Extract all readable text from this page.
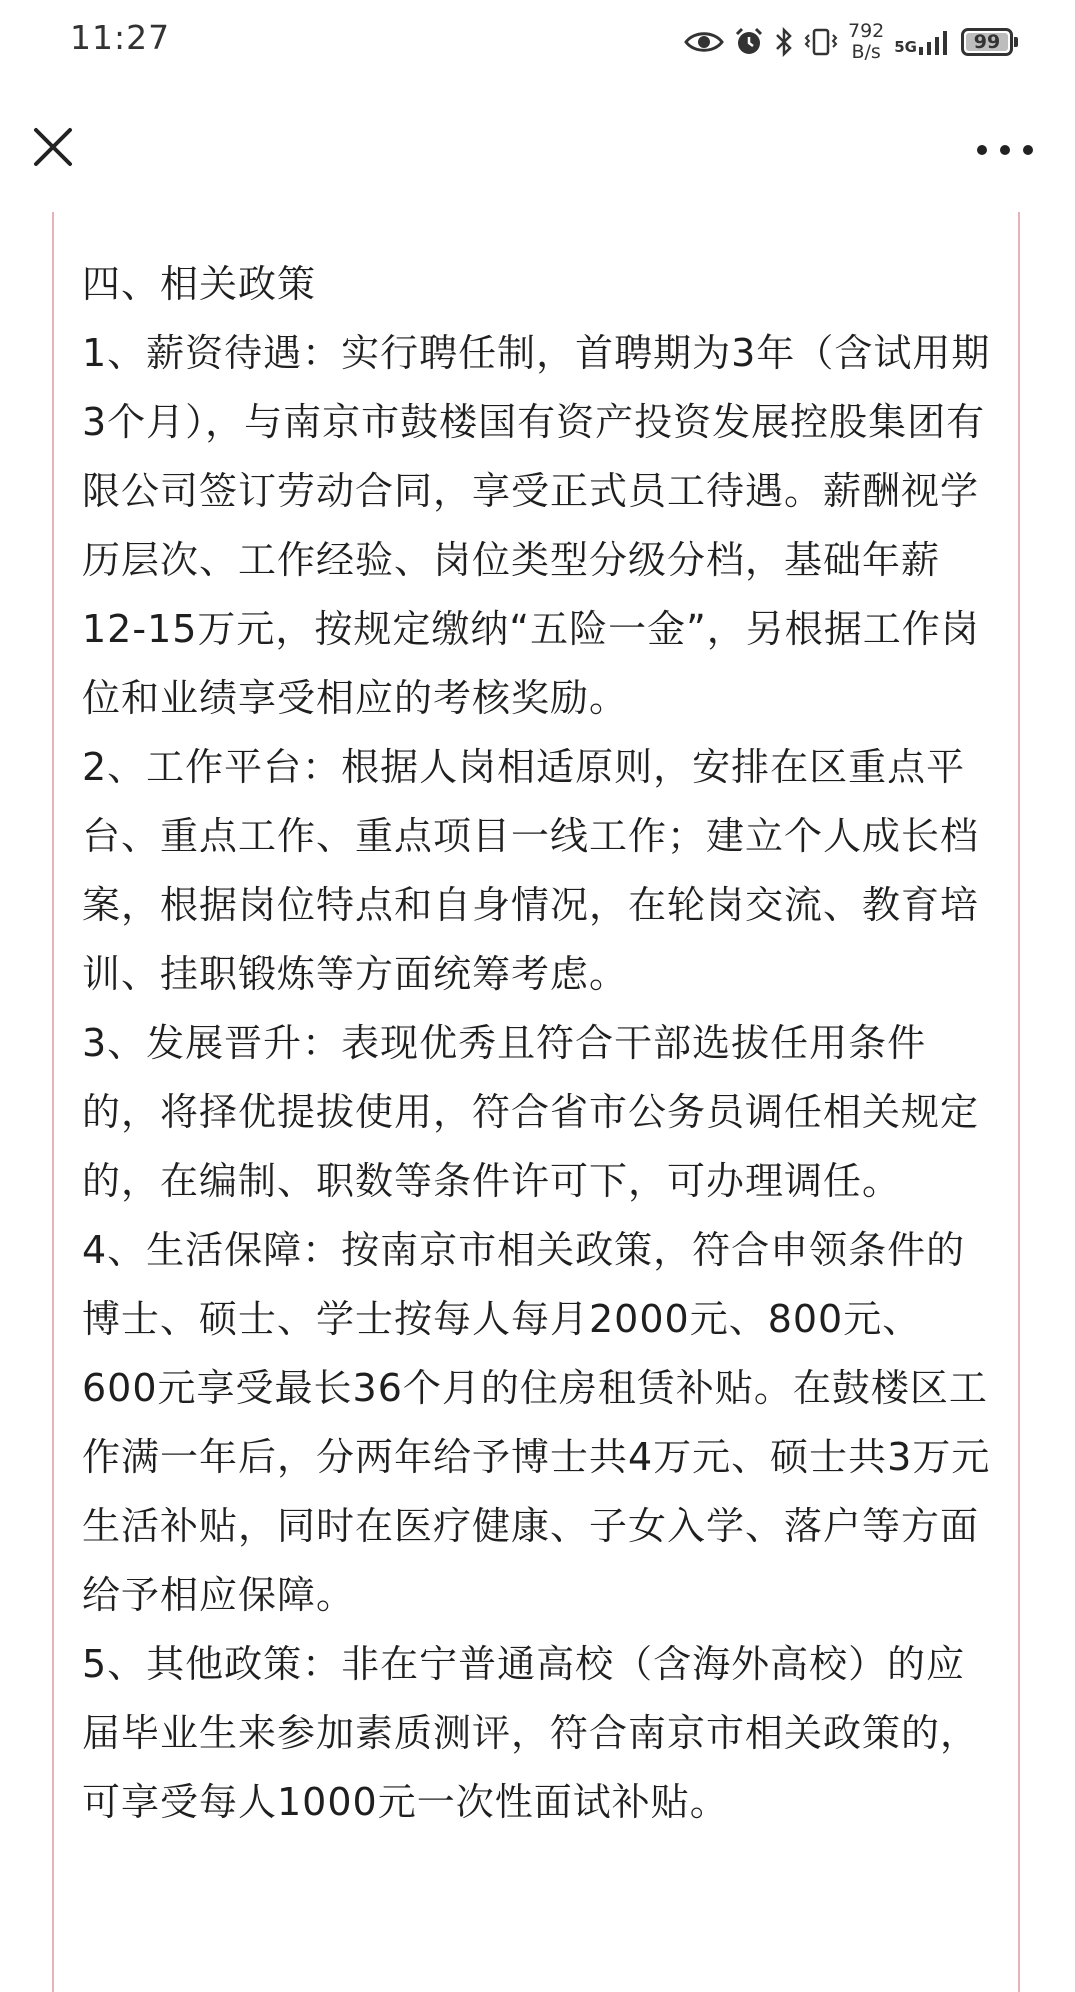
11:27	792
B/s 5G	99

四、相关政策

1、薪资待遇：实行聘任制，首聘期为3年（含试用期3个月），与南京市鼓楼国有资产投资发展控股集团有限公司签订劳动合同，享受正式员工待遇。薪酬视学历层次、工作经验、岗位类型分级分档，基础年薪12-15万元，按规定缴纳“五险一金”，另根据工作岗位和业绩享受相应的考核奖励。

2、工作平台：根据人岗相适原则，安排在区重点平台、重点工作、重点项目一线工作；建立个人成长档案，根据岗位特点和自身情况，在轮岗交流、教育培训、挂职锻炼等方面统筹考虑。

3、发展晋升：表现优秀且符合干部选拔任用条件的，将择优提拔使用，符合省市公务员调任相关规定的，在编制、职数等条件许可下，可办理调任。

4、生活保障：按南京市相关政策，符合申领条件的博士、硕士、学士按每人每月2000元、800元、600元享受最长36个月的住房租赁补贴。在鼓楼区工作满一年后，分两年给予博士共4万元、硕士共3万元生活补贴，同时在医疗健康、子女入学、落户等方面给予相应保障。

5、其他政策：非在宁普通高校（含海外高校）的应届毕业生来参加素质测评，符合南京市相关政策的，可享受每人1000元一次性面试补贴。
